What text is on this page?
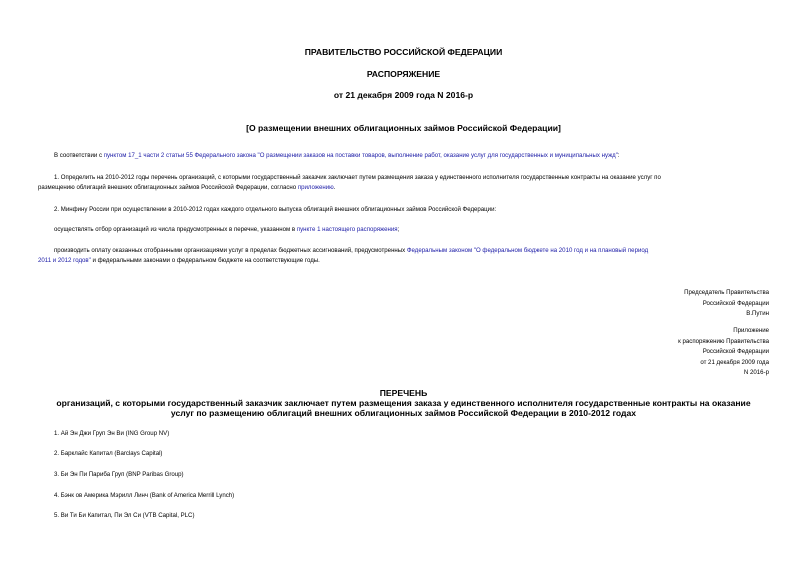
ПРАВИТЕЛЬСТВО РОССИЙСКОЙ ФЕДЕРАЦИИ
РАСПОРЯЖЕНИЕ
от 21 декабря 2009 года N 2016-р
[О размещении внешних облигационных займов Российской Федерации]
В соответствии с пунктом 17_1 части 2 статьи 55 Федерального закона "О размещении заказов на поставки товаров, выполнение работ, оказание услуг для государственных и муниципальных нужд":
1. Определить на 2010-2012 годы перечень организаций, с которыми государственный заказчик заключает путем размещения заказа у единственного исполнителя государственные контракты на оказание услуг по
размещению облигаций внешних облигационных займов Российской Федерации, согласно приложению.
2. Минфину России при осуществлении в 2010-2012 годах каждого отдельного выпуска облигаций внешних облигационных займов Российской Федерации:
осуществлять отбор организаций из числа предусмотренных в перечне, указанном в пункте 1 настоящего распоряжения;
производить оплату оказанных отобранными организациями услуг в пределах бюджетных ассигнований, предусмотренных Федеральным законом "О федеральном бюджете на 2010 год и на плановый период
2011 и 2012 годов" и федеральными законами о федеральном бюджете на соответствующие годы.
Председатель Правительства
Российской Федерации
В.Путин
Приложение
к распоряжению Правительства
Российской Федерации
от 21 декабря 2009 года
N 2016-р
ПЕРЕЧЕНЬ
организаций, с которыми государственный заказчик заключает путем размещения заказа у единственного исполнителя государственные контракты на оказание
услуг по размещению облигаций внешних облигационных займов Российской Федерации в 2010-2012 годах
1. Ай Эн Джи Груп Эн Ви (ING Group NV)
2. Барклайс Капитал (Barclays Capital)
3. Би Эн Пи Париба Груп (BNP Paribas Group)
4. Бэнк ов Америка Мэрилл Линч (Bank of America Merrill Lynch)
5. Ви Ти Би Капитал, Пи Эл Си (VTB Capital, PLC)
